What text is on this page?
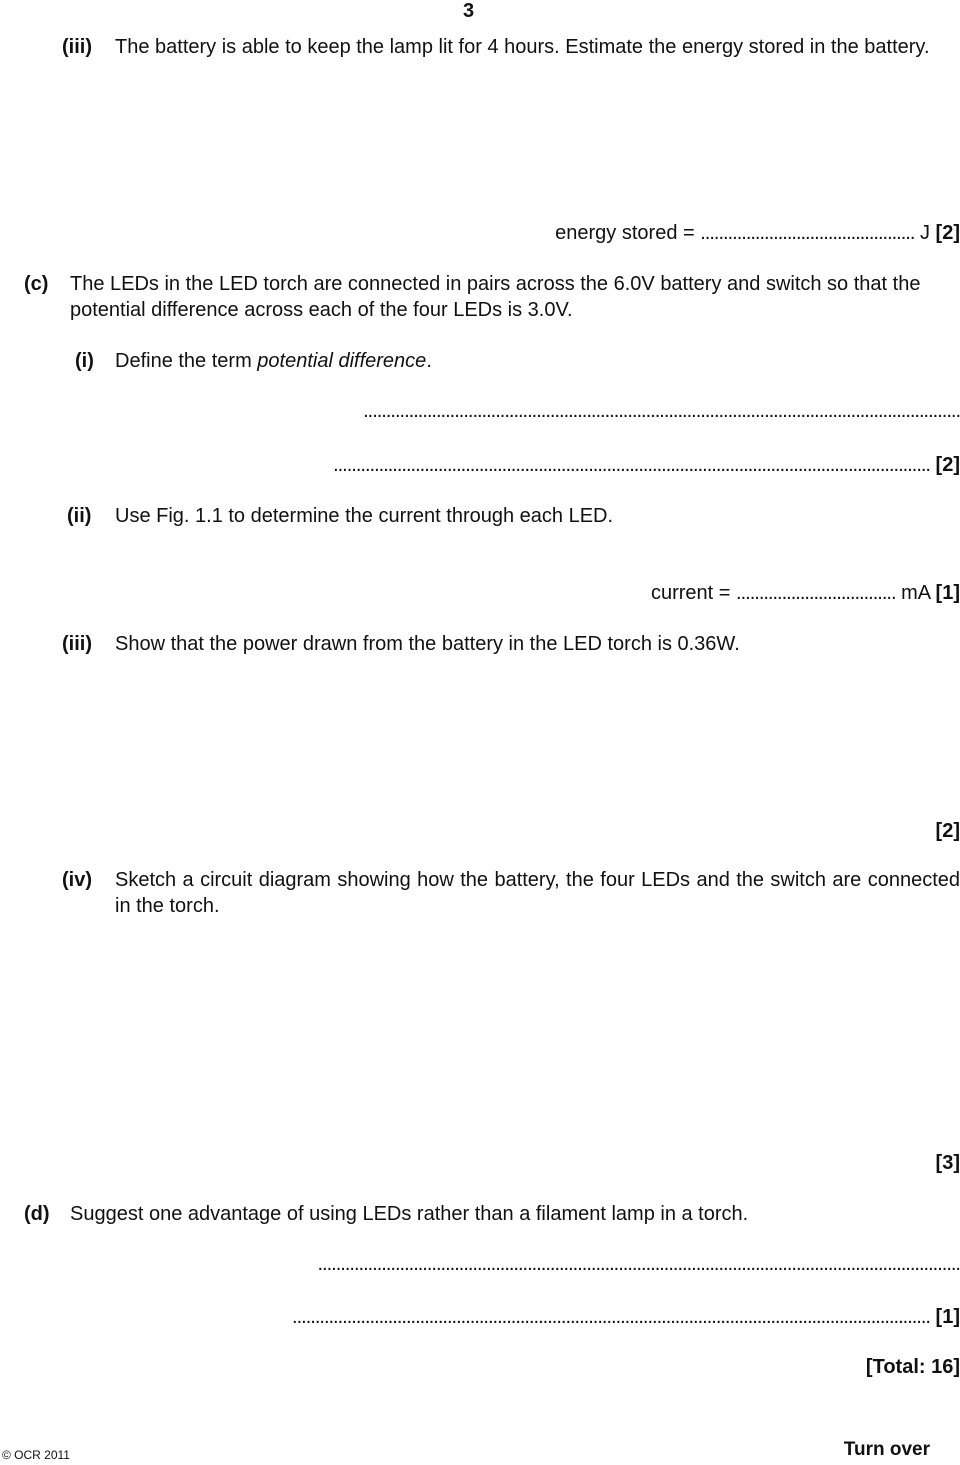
3
(iii) The battery is able to keep the lamp lit for 4 hours. Estimate the energy stored in the battery.
energy stored = ............................................... J [2]
(c) The LEDs in the LED torch are connected in pairs across the 6.0V battery and switch so that the potential difference across each of the four LEDs is 3.0V.
(i) Define the term potential difference.
...................................................................................................................................
................................................................................................................................... [2]
(ii) Use Fig. 1.1 to determine the current through each LED.
current = ................................... mA [1]
(iii) Show that the power drawn from the battery in the LED torch is 0.36W.
[2]
(iv) Sketch a circuit diagram showing how the battery, the four LEDs and the switch are connected in the torch.
[3]
(d) Suggest one advantage of using LEDs rather than a filament lamp in a torch.
.............................................................................................................................................
............................................................................................................................................ [1]
[Total: 16]
© OCR 2011	Turn over
